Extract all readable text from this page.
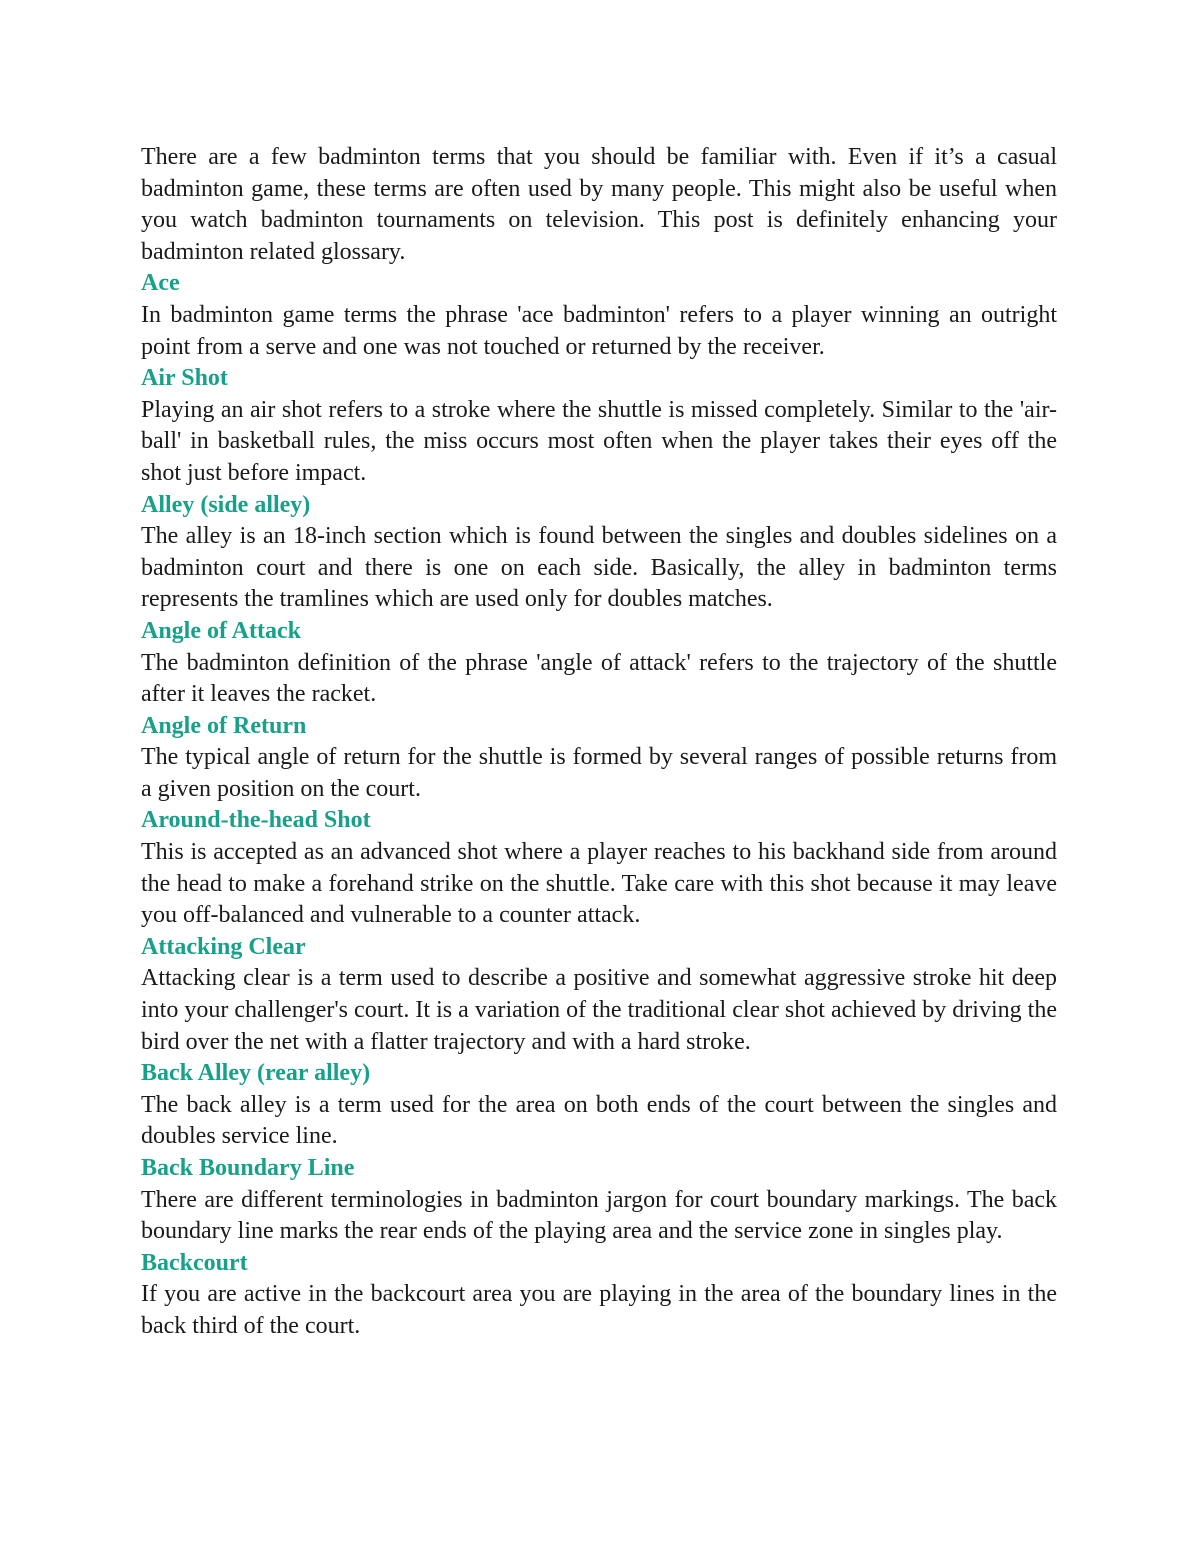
There are a few badminton terms that you should be familiar with. Even if it’s a casual badminton game, these terms are often used by many people. This might also be useful when you watch badminton tournaments on television. This post is definitely enhancing your badminton related glossary.

Ace

In badminton game terms the phrase 'ace badminton' refers to a player winning an outright point from a serve and one was not touched or returned by the receiver.

Air Shot

Playing an air shot refers to a stroke where the shuttle is missed completely. Similar to the 'air-ball' in basketball rules, the miss occurs most often when the player takes their eyes off the shot just before impact.

Alley (side alley)

The alley is an 18-inch section which is found between the singles and doubles sidelines on a badminton court and there is one on each side. Basically, the alley in badminton terms represents the tramlines which are used only for doubles matches.

Angle of Attack

The badminton definition of the phrase 'angle of attack' refers to the trajectory of the shuttle after it leaves the racket.

Angle of Return

The typical angle of return for the shuttle is formed by several ranges of possible returns from a given position on the court.

Around-the-head Shot

This is accepted as an advanced shot where a player reaches to his backhand side from around the head to make a forehand strike on the shuttle. Take care with this shot because it may leave you off-balanced and vulnerable to a counter attack.

Attacking Clear

Attacking clear is a term used to describe a positive and somewhat aggressive stroke hit deep into your challenger's court. It is a variation of the traditional clear shot achieved by driving the bird over the net with a flatter trajectory and with a hard stroke.

Back Alley (rear alley)

The back alley is a term used for the area on both ends of the court between the singles and doubles service line.

Back Boundary Line

There are different terminologies in badminton jargon for court boundary markings. The back boundary line marks the rear ends of the playing area and the service zone in singles play.

Backcourt

If you are active in the backcourt area you are playing in the area of the boundary lines in the back third of the court.
